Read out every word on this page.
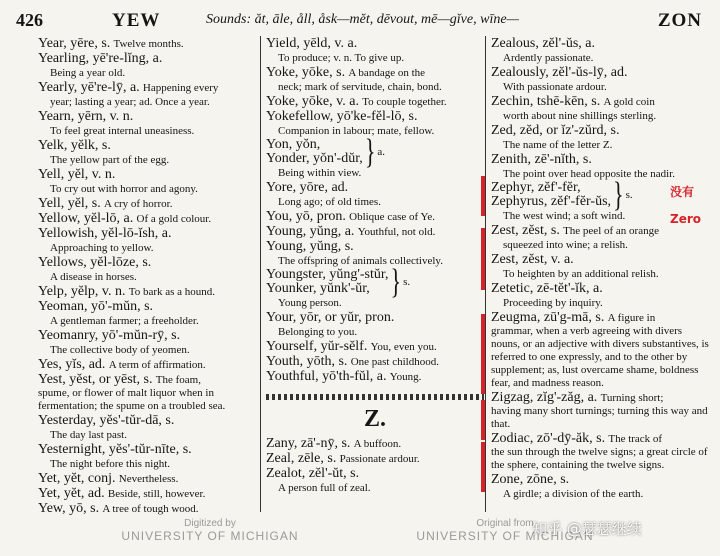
426	YEW	Sounds: ăt, āle, åll, åsk—mĕt, dēvout, mē—gĭve, wīne—	ZON
Year, yēre, s. Twelve months.
Yearling, yē're-lĭng, a.
Being a year old.
Yearly, yē're-lȳ, a. Happening every
year; lasting a year; ad. Once a year.
Yearn, yērn, v. n.
To feel great internal uneasiness.
Yelk, yĕlk, s.
The yellow part of the egg.
Yell, yĕl, v. n.
To cry out with horror and agony.
Yell, yĕl, s. A cry of horror.
Yellow, yĕl-lō, a. Of a gold colour.
Yellowish, yĕl-lō-ĭsh, a.
Approaching to yellow.
Yellows, yĕl-lōze, s.
A disease in horses.
Yelp, yĕlp, v. n. To bark as a hound.
Yeoman, yō'-mŭn, s.
A gentleman farmer; a freeholder.
Yeomanry, yō'-mŭn-rȳ, s.
The collective body of yeomen.
Yes, yĭs, ad. A term of affirmation.
Yest, yĕst, or yēst, s. The foam,
spume, or flower of malt liquor when in fermentation; the spume on a troubled sea.
Yesterday, yĕs'-tŭr-dā, s.
The day last past.
Yesternight, yĕs'-tŭr-nīte, s.
The night before this night.
Yet, yĕt, conj. Nevertheless.
Yet, yĕt, ad. Beside, still, however.
Yew, yō, s. A tree of tough wood.
Yield, yēld, v. a.
To produce; v. n. To give up.
Yoke, yōke, s. A bandage on the
neck; mark of servitude, chain, bond.
Yoke, yōke, v. a. To couple together.
Yokefellow, yō'ke-fĕl-lō, s.
Companion in labour; mate, fellow.
Yon, yŏn,
Yonder, yŏn'-dŭr, } a.
Being within view.
Yore, yōre, ad.
Long ago; of old times.
You, yō, pron. Oblique case of Ye.
Young, yŭng, a. Youthful, not old.
Young, yŭng, s.
The offspring of animals collectively.
Youngster, yŭng'-stŭr,
Younker, yŭnk'-ŭr, } s.
Young person.
Your, yōr, or yŭr, pron.
Belonging to you.
Yourself, yŭr-sĕlf. You, even you.
Youth, yōth, s. One past childhood.
Youthful, yō'th-fŭl, a. Young.
Z.
Zany, zā'-nȳ, s. A buffoon.
Zeal, zēle, s. Passionate ardour.
Zealot, zĕl'-ŭt, s.
A person full of zeal.
Zealous, zĕl'-ŭs, a.
Ardently passionate.
Zealously, zĕl'-ŭs-lȳ, ad.
With passionate ardour.
Zechin, tshē-kēn, s. A gold coin
worth about nine shillings sterling.
Zed, zĕd, or ĭz'-zŭrd, s.
The name of the letter Z.
Zenith, zē'-nĭth, s.
The point over head opposite the nadir.
Zephyr, zĕf'-fĕr,
Zephyrus, zĕf'-fĕr-ŭs, } s.
The west wind; a soft wind.
Zest, zĕst, s. The peel of an orange
squeezed into wine; a relish.
Zest, zĕst, v. a.
To heighten by an additional relish.
Zetetic, zē-tĕt'-ĭk, a.
Proceeding by inquiry.
Zeugma, zū'g-mā, s. A figure in
grammar, when a verb agreeing with divers nouns, or an adjective with divers substantives, is referred to one expressly, and to the other by supplement; as, lust overcame shame, boldness fear, and madness reason.
Zigzag, zĭg'-zăg, a. Turning short;
having many short turnings; turning this way and that.
Zodiac, zō'-dȳ-ăk, s. The track of
the sun through the twelve signs; a great circle of the sphere, containing the twelve signs.
Zone, zōne, s.
A girdle; a division of the earth.
没有
Zero
Digitized by
UNIVERSITY OF MICHIGAN
Original from
UNIVERSITY OF MICHIGAN
知乎 @瑟瑟继续
